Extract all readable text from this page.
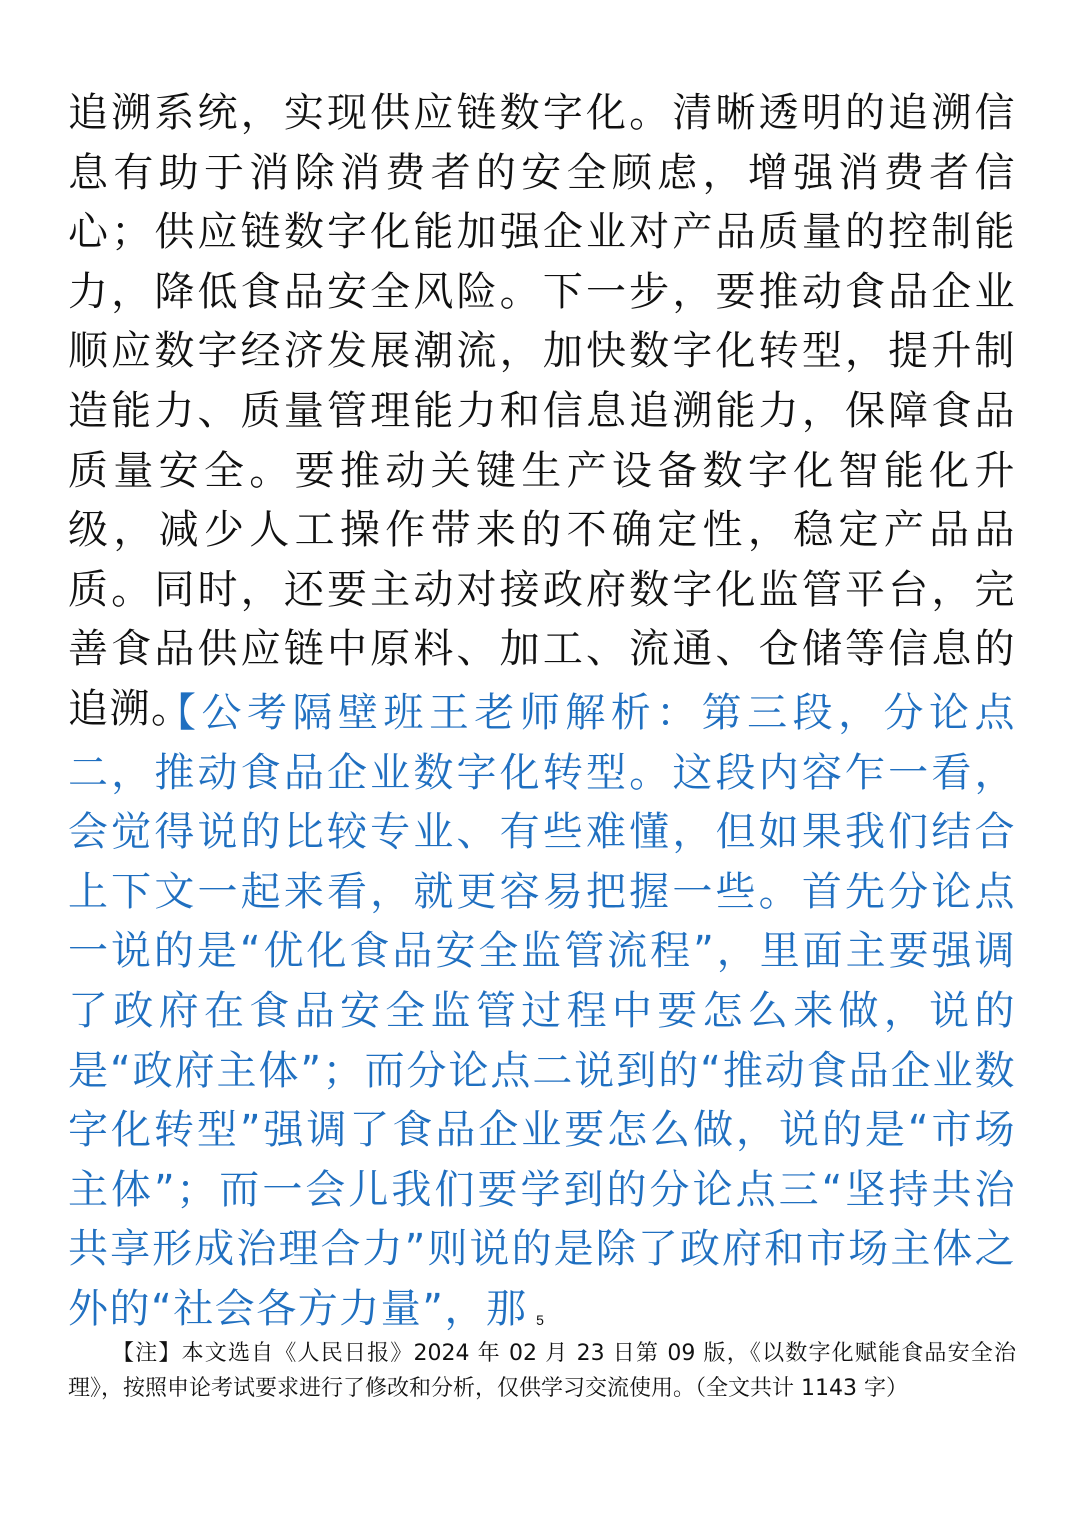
追溯系统，实现供应链数字化。清晰透明的追溯信息有助于消除消费者的安全顾虑，增强消费者信心；供应链数字化能加强企业对产品质量的控制能力，降低食品安全风险。下一步，要推动食品企业顺应数字经济发展潮流，加快数字化转型，提升制造能力、质量管理能力和信息追溯能力，保障食品质量安全。要推动关键生产设备数字化智能化升级，减少人工操作带来的不确定性，稳定产品品质。同时，还要主动对接政府数字化监管平台，完善食品供应链中原料、加工、流通、仓储等信息的追溯。

【公考隔壁班王老师解析：第三段，分论点二，推动食品企业数字化转型。这段内容乍一看，会觉得说的比较专业、有些难懂，但如果我们结合上下文一起来看，就更容易把握一些。首先分论点一说的是“优化食品安全监管流程”，里面主要强调了政府在食品安全监管过程中要怎么来做，说的是“政府主体”；而分论点二说到的“推动食品企业数字化转型”强调了食品企业要怎么做，说的是“市场主体”；而一会儿我们要学到的分论点三“坚持共治共享形成治理合力”则说的是除了政府和市场主体之外的“社会各方力量”，那 5

【注】本文选自《人民日报》2024 年 02 月 23 日第 09 版，《以数字化赋能食品安全治理》，按照申论考试要求进行了修改和分析，仅供学习交流使用。（全文共计 1143 字）
